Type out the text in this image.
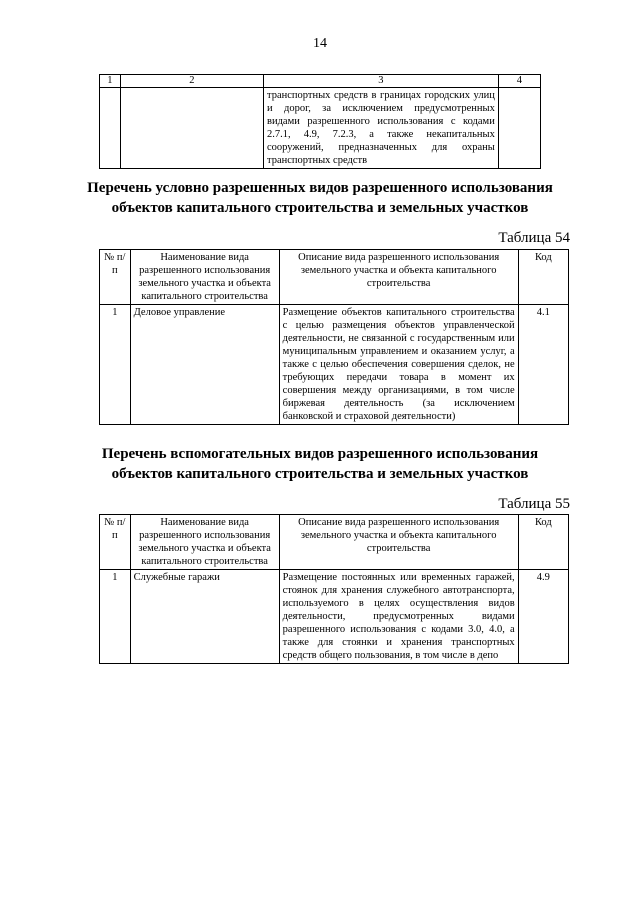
14
1	2	3	4
		транспортных средств в границах городских улиц и дорог, за исключением предусмотренных видами разрешенного использования с кодами 2.7.1, 4.9, 7.2.3, а также некапитальных сооружений, предназначенных для охраны транспортных средств	
Перечень условно разрешенных видов разрешенного использования объектов капитального строительства и земельных участков
Таблица 54
№ п/п	Наименование вида разрешенного использования земельного участка и объекта капитального строительства	Описание вида разрешенного использования земельного участка и объекта капитального строительства	Код
1	Деловое управление	Размещение объектов капитального строительства с целью размещения объектов управленческой деятельности, не связанной с государственным или муниципальным управлением и оказанием услуг, а также с целью обеспечения совершения сделок, не требующих передачи товара в момент их совершения между организациями, в том числе биржевая деятельность (за исключением банковской и страховой деятельности)	4.1
Перечень вспомогательных видов разрешенного использования объектов капитального строительства и земельных участков
Таблица 55
№ п/п	Наименование вида разрешенного использования земельного участка и объекта капитального строительства	Описание вида разрешенного использования земельного участка и объекта капитального строительства	Код
1	Служебные гаражи	Размещение постоянных или временных гаражей, стоянок для хранения служебного автотранспорта, используемого в целях осуществления видов деятельности, предусмотренных видами разрешенного использования с кодами 3.0, 4.0, а также для стоянки и хранения транспортных средств общего пользования, в том числе в депо	4.9
